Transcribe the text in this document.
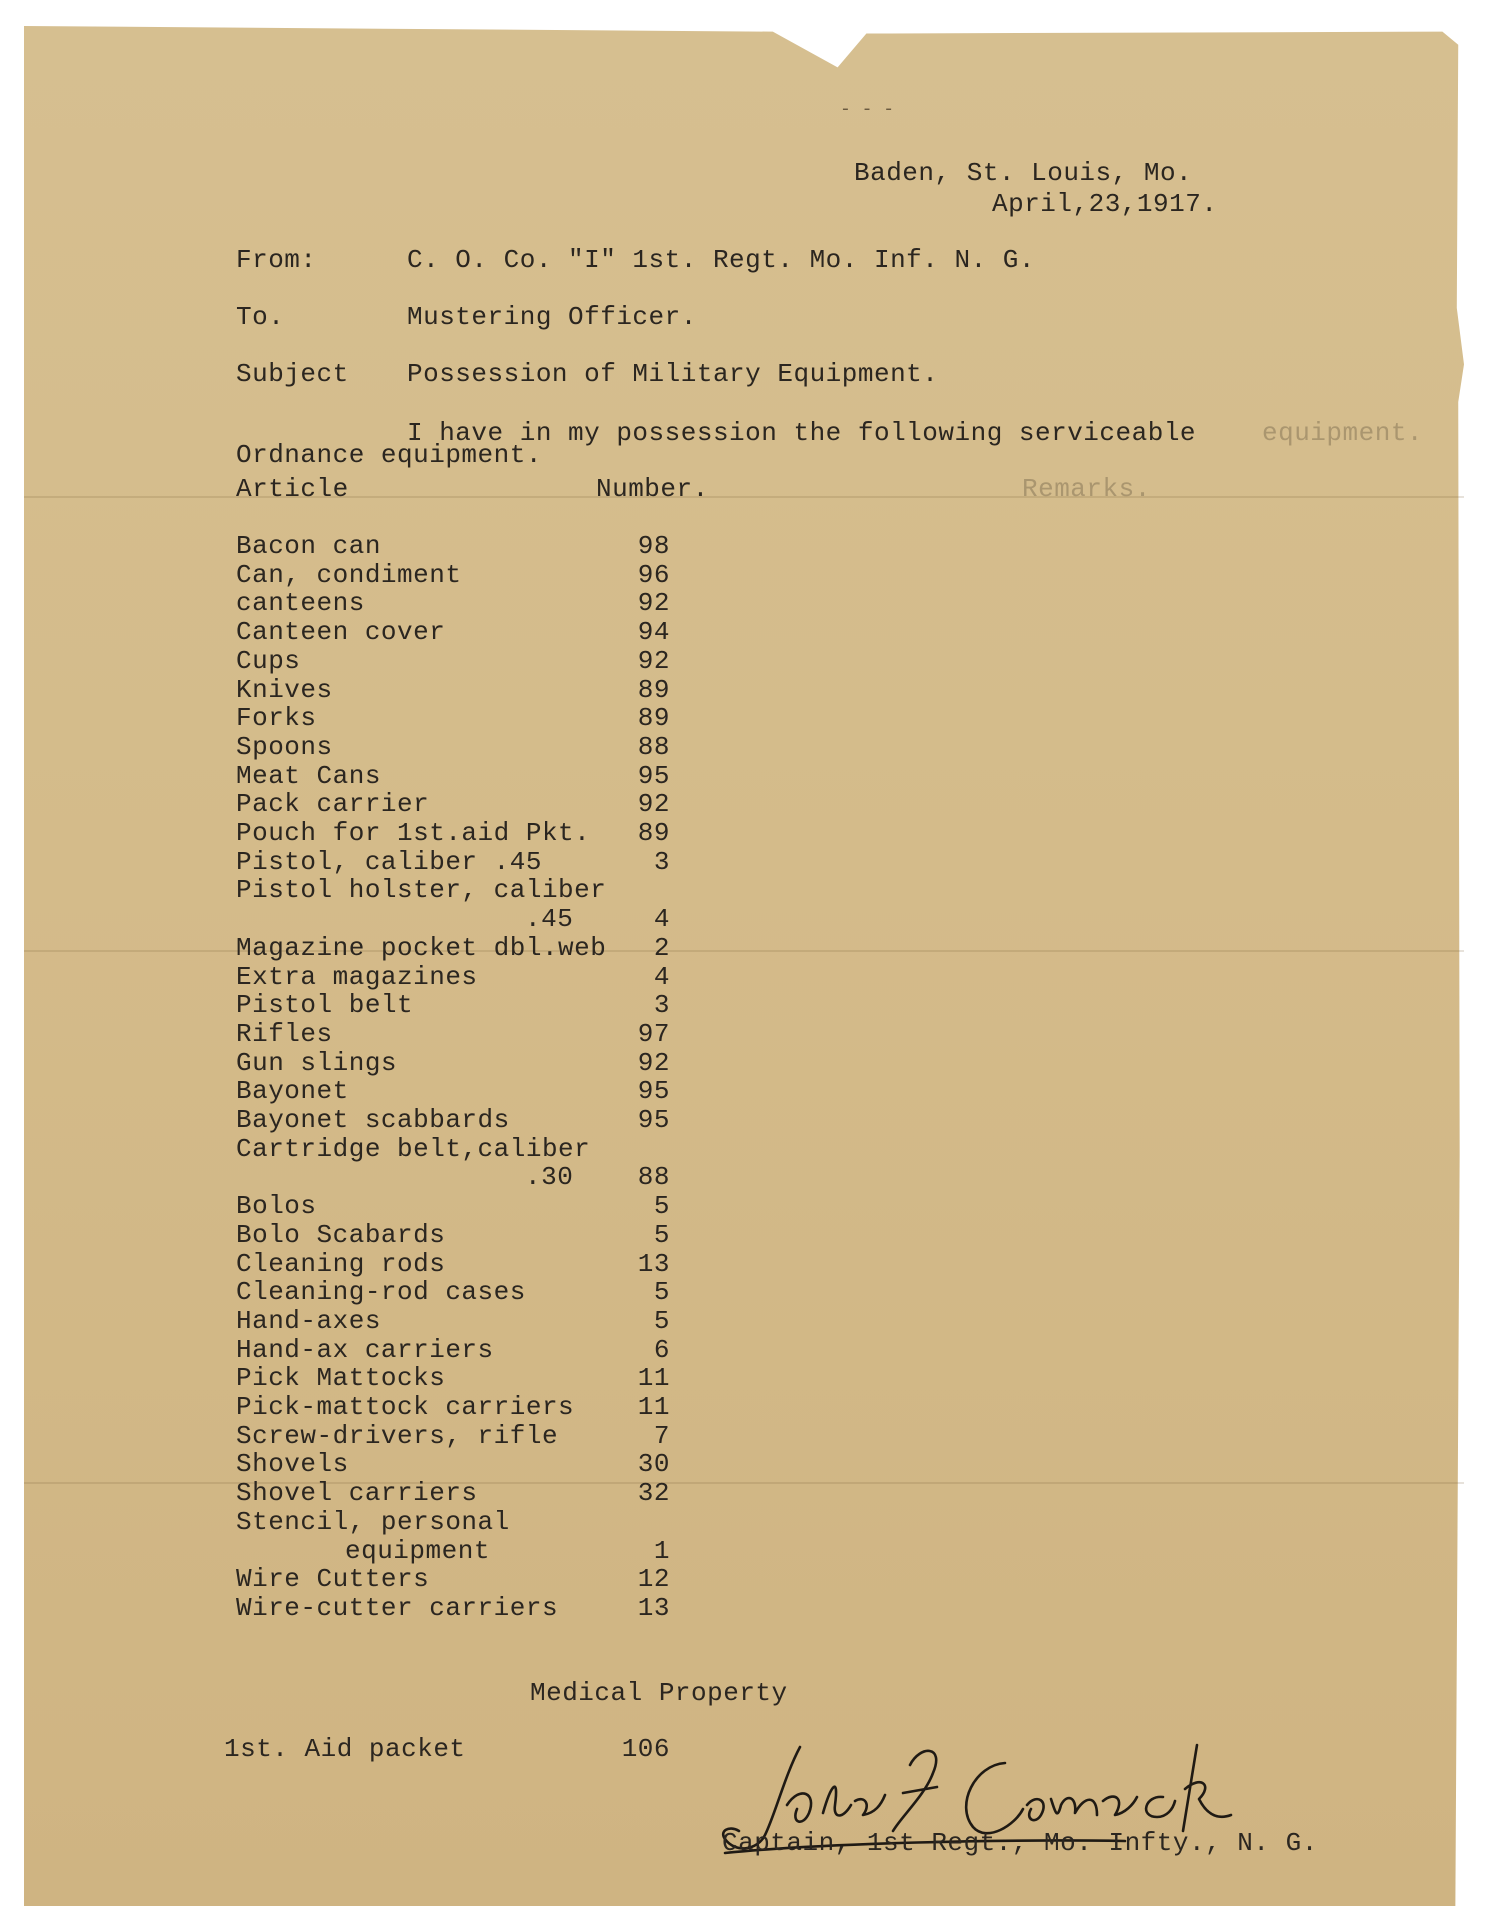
- - -
Baden, St. Louis, Mo.
April,23,1917.
From:	C. O. Co. "I" 1st. Regt. Mo. Inf. N. G.
To.	Mustering Officer.
Subject Possession of Military Equipment.
I have in my possession the following serviceable	equipment.
Ordnance equipment.
Article	Number.	Remarks.
Bacon can	98
Can, condiment	96
canteens	92
Canteen cover	94
Cups	92
Knives	89
Forks	89
Spoons	88
Meat Cans	95
Pack carrier	92
Pouch for 1st.aid Pkt.	89
Pistol, caliber .45	3
Pistol holster, caliber
.45	4
Magazine pocket dbl.web	2
Extra magazines	4
Pistol belt	3
Rifles	97
Gun slings	92
Bayonet	95
Bayonet scabbards	95
Cartridge belt,caliber
.30	88
Bolos	5
Bolo Scabards	5
Cleaning rods	13
Cleaning-rod cases	5
Hand-axes	5
Hand-ax carriers	6
Pick Mattocks	11
Pick-mattock carriers	11
Screw-drivers, rifle	7
Shovels	30
Shovel carriers	32
Stencil, personal
equipment	1
Wire Cutters	12
Wire-cutter carriers	13
Medical Property
1st. Aid packet	106
Captain, 1st Regt., Mo. Infty., N. G.
